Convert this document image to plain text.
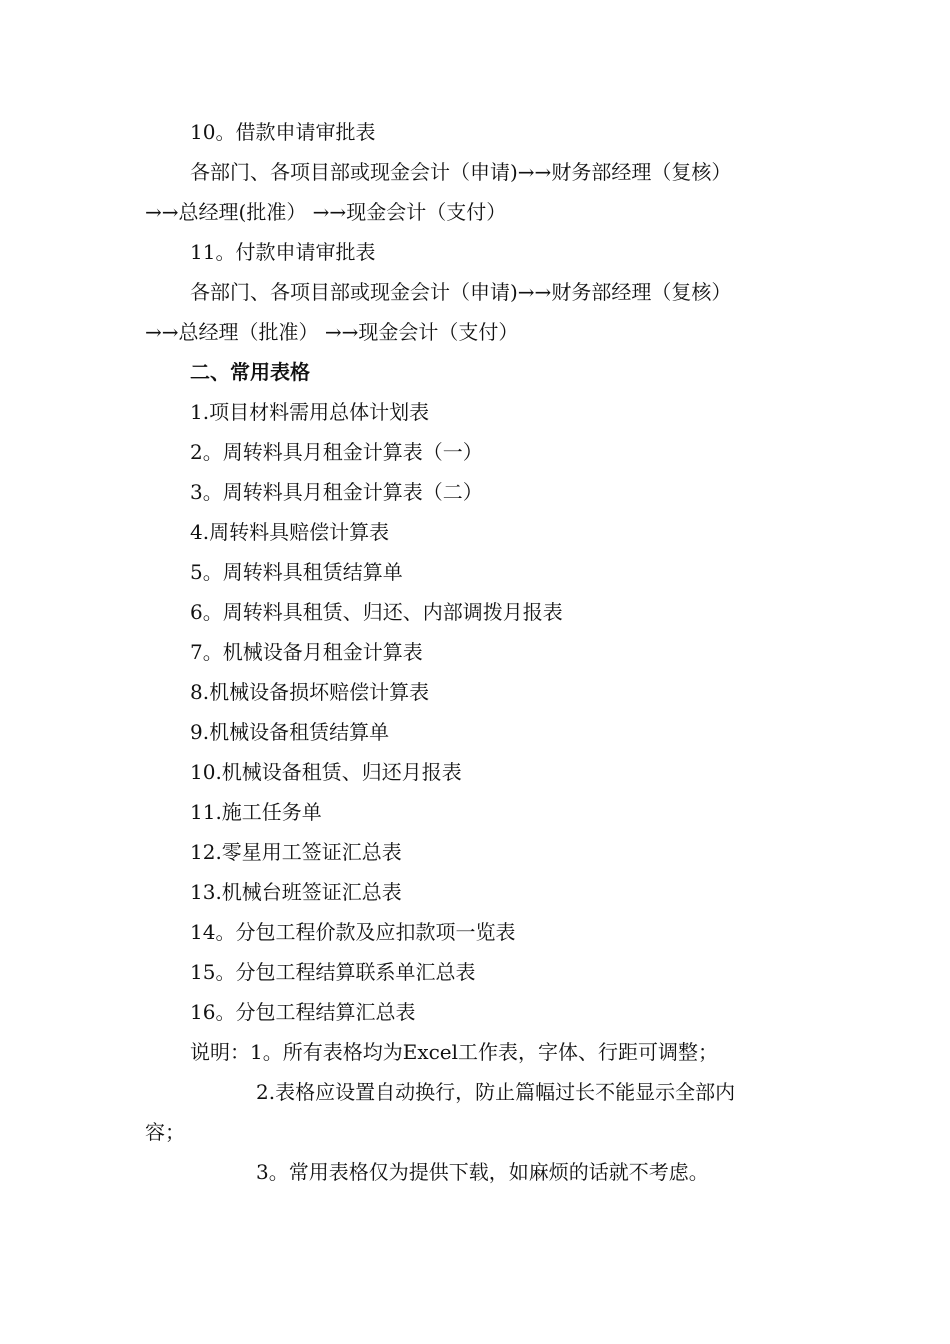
10。借款申请审批表
各部门、各项目部或现金会计（申请)→→财务部经理（复核）
→→总经理(批准） →→现金会计（支付）
11。付款申请审批表
各部门、各项目部或现金会计（申请)→→财务部经理（复核）
→→总经理（批准） →→现金会计（支付）
二、常用表格
1.项目材料需用总体计划表
2。周转料具月租金计算表（一）
3。周转料具月租金计算表（二）
4.周转料具赔偿计算表
5。周转料具租赁结算单
6。周转料具租赁、归还、内部调拨月报表
7。机械设备月租金计算表
8.机械设备损坏赔偿计算表
9.机械设备租赁结算单
10.机械设备租赁、归还月报表
11.施工任务单
12.零星用工签证汇总表
13.机械台班签证汇总表
14。分包工程价款及应扣款项一览表
15。分包工程结算联系单汇总表
16。分包工程结算汇总表
说明：1。所有表格均为Excel工作表，字体、行距可调整；
2.表格应设置自动换行，防止篇幅过长不能显示全部内
容；
3。常用表格仅为提供下载，如麻烦的话就不考虑。
